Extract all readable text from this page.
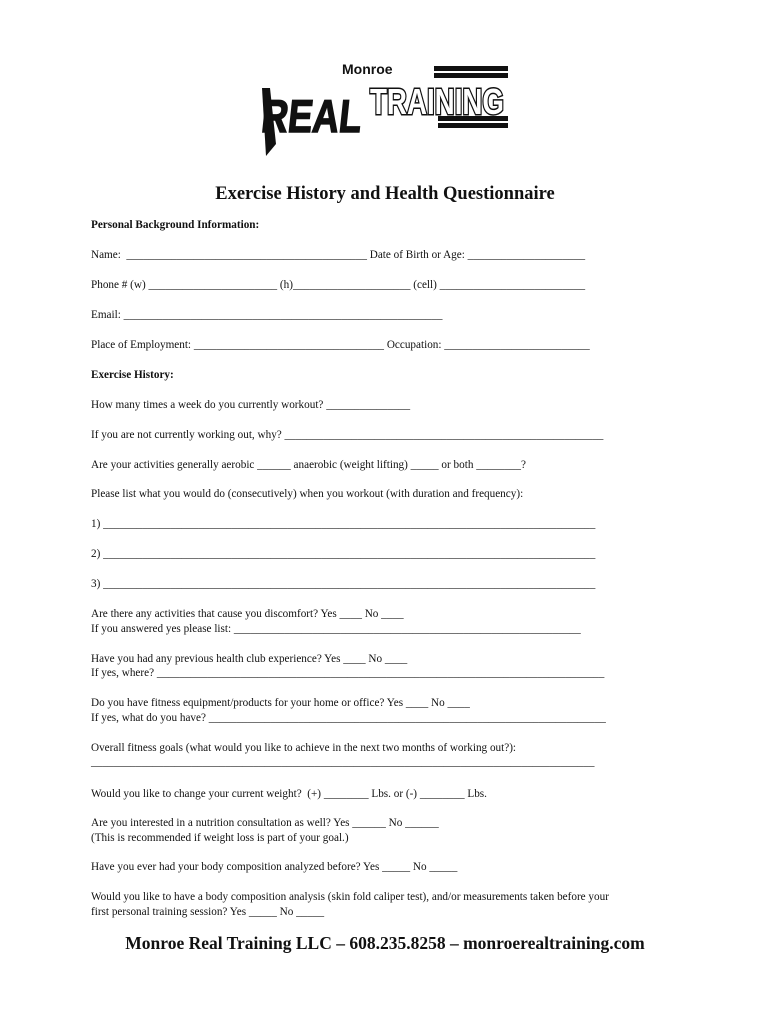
Monroe
REAL
TRAINING
Exercise History and Health Questionnaire
Personal Background Information:
Name:  ___________________________________________ Date of Birth or Age: _____________________
Phone # (w) _______________________ (h)_____________________ (cell) __________________________
Email: _________________________________________________________
Place of Employment: __________________________________ Occupation: __________________________
Exercise History:
How many times a week do you currently workout? _______________
If you are not currently working out, why? _________________________________________________________
Are your activities generally aerobic ______ anaerobic (weight lifting) _____ or both ________?
Please list what you would do (consecutively) when you workout (with duration and frequency):
1) ________________________________________________________________________________________
2) ________________________________________________________________________________________
3) ________________________________________________________________________________________
Are there any activities that cause you discomfort? Yes ____ No ____
If you answered yes please list: ______________________________________________________________
Have you had any previous health club experience? Yes ____ No ____
If yes, where? ________________________________________________________________________________
Do you have fitness equipment/products for your home or office? Yes ____ No ____
If yes, what do you have? _______________________________________________________________________
Overall fitness goals (what would you like to achieve in the next two months of working out?):
__________________________________________________________________________________________
Would you like to change your current weight?  (+) ________ Lbs. or (-) ________ Lbs.
Are you interested in a nutrition consultation as well? Yes ______ No ______
(This is recommended if weight loss is part of your goal.)
Have you ever had your body composition analyzed before? Yes _____ No _____
Would you like to have a body composition analysis (skin fold caliper test), and/or measurements taken before your
first personal training session? Yes _____ No _____
Monroe Real Training LLC – 608.235.8258 – monroerealtraining.com
